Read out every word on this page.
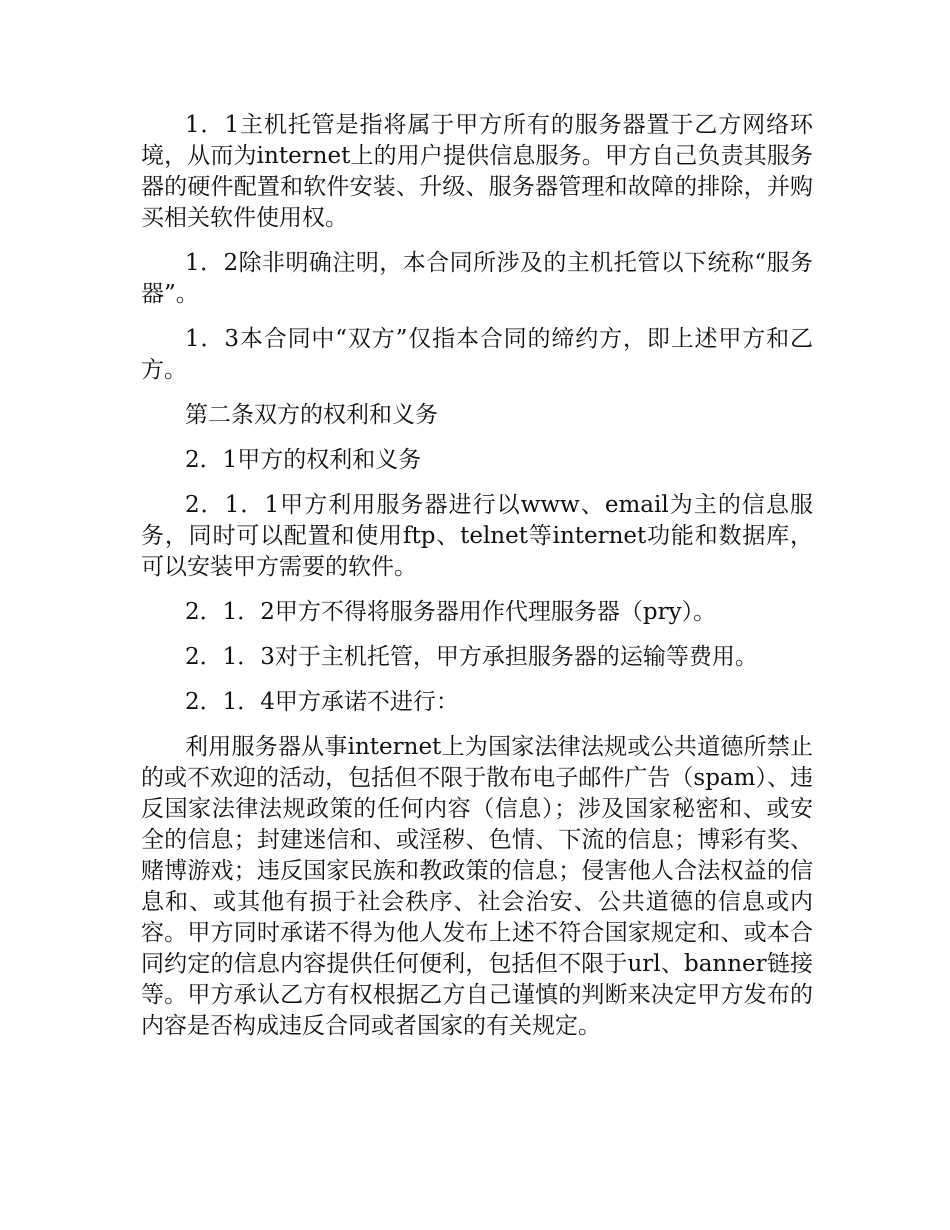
1．1主机托管是指将属于甲方所有的服务器置于乙方网络环境，从而为internet上的用户提供信息服务。甲方自己负责其服务器的硬件配置和软件安装、升级、服务器管理和故障的排除，并购买相关软件使用权。

1．2除非明确注明，本合同所涉及的主机托管以下统称“服务器”。

1．3本合同中“双方”仅指本合同的缔约方，即上述甲方和乙方。

第二条双方的权利和义务

2．1甲方的权利和义务

2．1．1甲方利用服务器进行以www、email为主的信息服务，同时可以配置和使用ftp、telnet等internet功能和数据库，可以安装甲方需要的软件。

2．1．2甲方不得将服务器用作代理服务器（pry）。

2．1．3对于主机托管，甲方承担服务器的运输等费用。

2．1．4甲方承诺不进行：

利用服务器从事internet上为国家法律法规或公共道德所禁止的或不欢迎的活动，包括但不限于散布电子邮件广告（spam）、违反国家法律法规政策的任何内容（信息）；涉及国家秘密和、或安全的信息；封建迷信和、或淫秽、色情、下流的信息；博彩有奖、赌博游戏；违反国家民族和教政策的信息；侵害他人合法权益的信息和、或其他有损于社会秩序、社会治安、公共道德的信息或内容。甲方同时承诺不得为他人发布上述不符合国家规定和、或本合同约定的信息内容提供任何便利，包括但不限于url、banner链接等。甲方承认乙方有权根据乙方自己谨慎的判断来决定甲方发布的内容是否构成违反合同或者国家的有关规定。
